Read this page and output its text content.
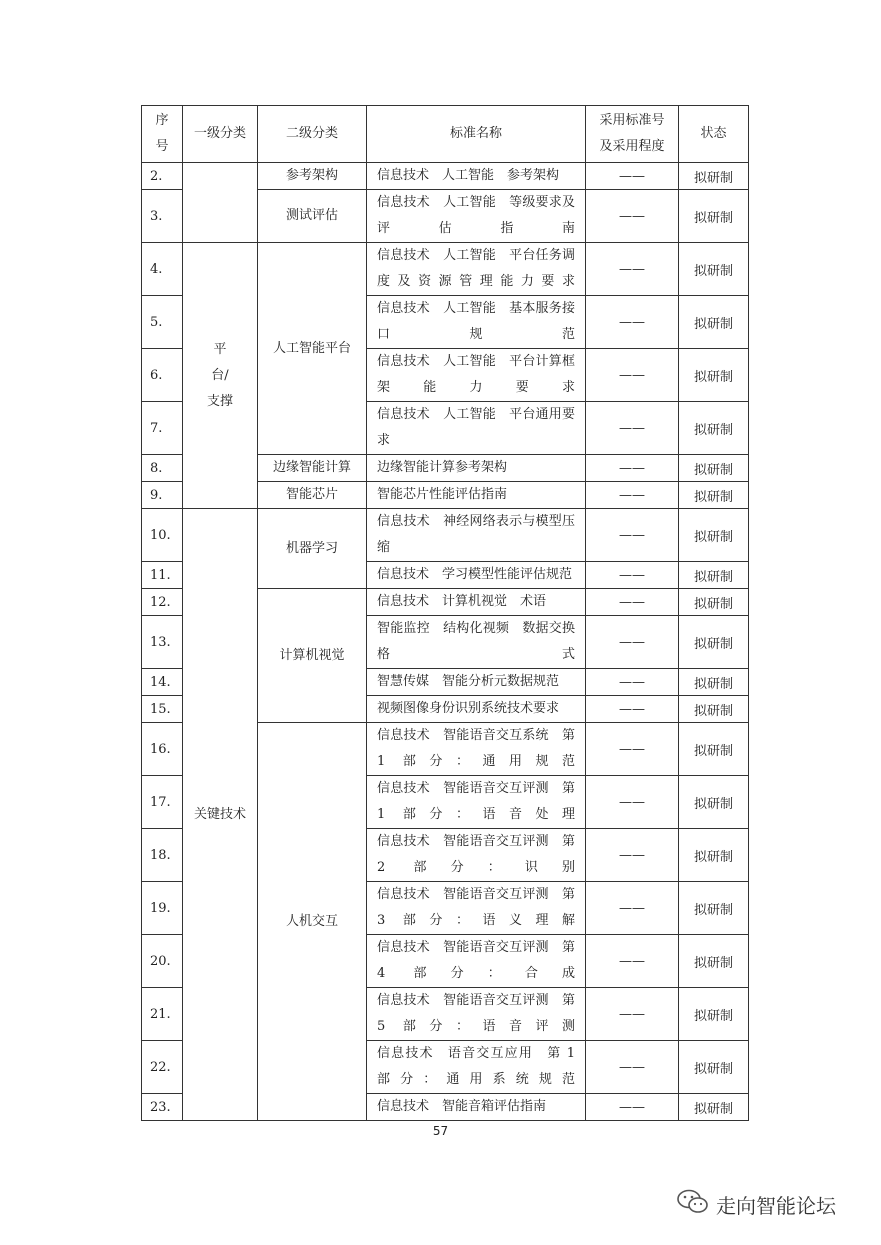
序号	一级分类	二级分类	标准名称	采用标准号及采用程度	状态
2.		参考架构	信息技术　人工智能　参考架构	——	拟研制
3.		测试评估	信息技术　人工智能　等级要求及评估指南	——	拟研制
4.	平台/支撑	人工智能平台	信息技术　人工智能　平台任务调度及资源管理能力要求	——	拟研制
5.			信息技术　人工智能　基本服务接口规范	——	拟研制
6.			信息技术　人工智能　平台计算框架能力要求	——	拟研制
7.			信息技术　人工智能　平台通用要求	——	拟研制
8.		边缘智能计算	边缘智能计算参考架构	——	拟研制
9.		智能芯片	智能芯片性能评估指南	——	拟研制
10.	关键技术	机器学习	信息技术　神经网络表示与模型压缩	——	拟研制
11.			信息技术　学习模型性能评估规范	——	拟研制
12.		计算机视觉	信息技术　计算机视觉　术语	——	拟研制
13.			智能监控　结构化视频　数据交换格式	——	拟研制
14.			智慧传媒　智能分析元数据规范	——	拟研制
15.			视频图像身份识别系统技术要求	——	拟研制
16.		人机交互	信息技术　智能语音交互系统　第 1 部分：通用规范	——	拟研制
17.			信息技术　智能语音交互评测　第 1 部分：语音处理	——	拟研制
18.			信息技术　智能语音交互评测　第 2 部分：识别	——	拟研制
19.			信息技术　智能语音交互评测　第 3 部分：语义理解	——	拟研制
20.			信息技术　智能语音交互评测　第 4 部分：合成	——	拟研制
21.			信息技术　智能语音交互评测　第 5 部分：语音评测	——	拟研制
22.			信息技术　语音交互应用　第 1 部分：通用系统规范	——	拟研制
23.			信息技术　智能音箱评估指南	——	拟研制
57
走向智能论坛
